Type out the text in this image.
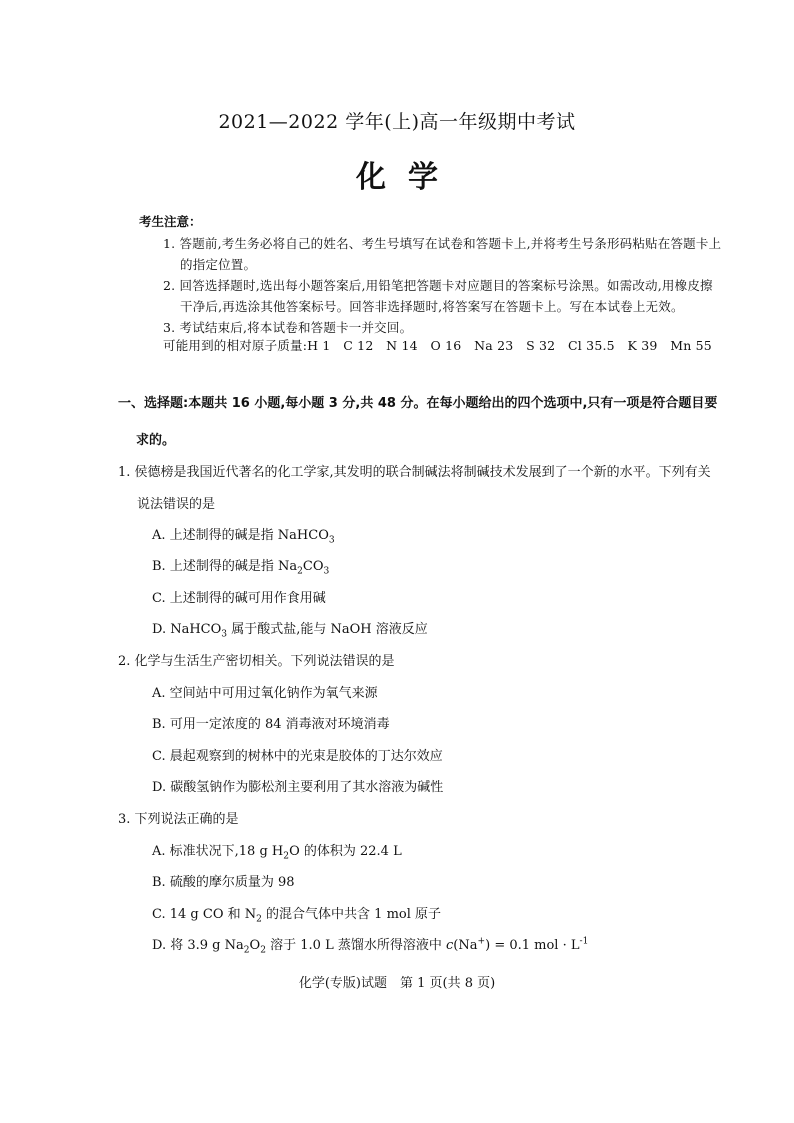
2021—2022 学年(上)高一年级期中考试
化学
考生注意：
1. 答题前,考生务必将自己的姓名、考生号填写在试卷和答题卡上,并将考生号条形码粘贴在答题卡上
的指定位置。
2. 回答选择题时,选出每小题答案后,用铅笔把答题卡对应题目的答案标号涂黑。如需改动,用橡皮擦
干净后,再选涂其他答案标号。回答非选择题时,将答案写在答题卡上。写在本试卷上无效。
3. 考试结束后,将本试卷和答题卡一并交回。
可能用到的相对原子质量:H 1　C 12　N 14　O 16　Na 23　S 32　Cl 35.5　K 39　Mn 55
一、选择题:本题共 16 小题,每小题 3 分,共 48 分。在每小题给出的四个选项中,只有一项是符合题目要
求的。
1. 侯德榜是我国近代著名的化工学家,其发明的联合制碱法将制碱技术发展到了一个新的水平。下列有关
说法错误的是
A. 上述制得的碱是指 NaHCO$_3$
B. 上述制得的碱是指 $Na_2CO_3$
C. 上述制得的碱可用作食用碱
D. NaHCO$_3$ 属于酸式盐,能与 NaOH 溶液反应
2. 化学与生活生产密切相关。下列说法错误的是
A. 空间站中可用过氧化钠作为氧气来源
B. 可用一定浓度的 84 消毒液对环境消毒
C. 晨起观察到的树林中的光束是胶体的丁达尔效应
D. 碳酸氢钠作为膨松剂主要利用了其水溶液为碱性
3. 下列说法正确的是
A. 标准状况下,18 g $H_2O$ 的体积为 22.4 L
B. 硫酸的摩尔质量为 98
C. 14 g CO 和 $N_2$ 的混合气体中共含 1 mol 原子
D. 将 3.9 g $Na_2O_2$ 溶于 1.0 L 蒸馏水所得溶液中 c(Na+) = 0.1 mol · $L^{-1}$
化学(专版)试题　第 1 页(共 8 页)
